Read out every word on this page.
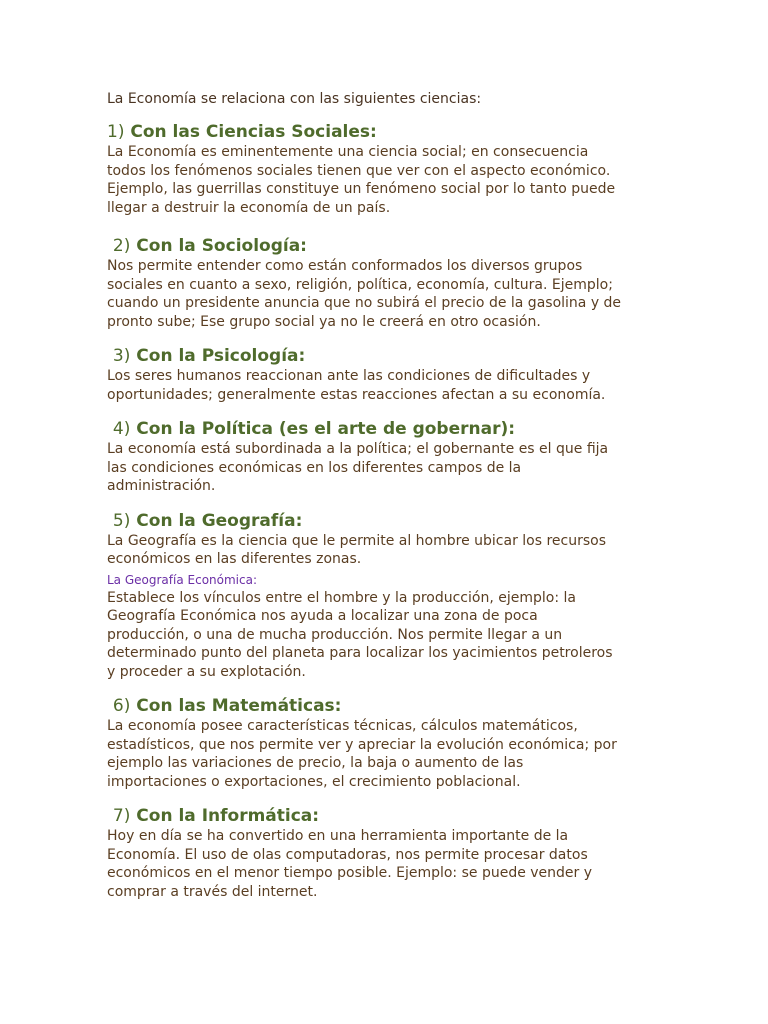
La Economía se relaciona con las siguientes ciencias:

1) Con las Ciencias Sociales:

La Economía es eminentemente una ciencia social; en consecuencia
todos los fenómenos sociales tienen que ver con el aspecto económico.
Ejemplo, las guerrillas constituye un fenómeno social por lo tanto puede
llegar a destruir la economía de un país.

2) Con la Sociología:

Nos permite entender como están conformados los diversos grupos
sociales en cuanto a sexo, religión, política, economía, cultura. Ejemplo;
cuando un presidente anuncia que no subirá el precio de la gasolina y de
pronto sube; Ese grupo social ya no le creerá en otro ocasión.

3) Con la Psicología:

Los seres humanos reaccionan ante las condiciones de dificultades y
oportunidades; generalmente estas reacciones afectan a su economía.

4) Con la Política (es el arte de gobernar):

La economía está subordinada a la política; el gobernante es el que fija
las condiciones económicas en los diferentes campos de la
administración.

5) Con la Geografía:

La Geografía es la ciencia que le permite al hombre ubicar los recursos
económicos en las diferentes zonas.

La Geografía Económica:

Establece los vínculos entre el hombre y la producción, ejemplo: la
Geografía Económica nos ayuda a localizar una zona de poca
producción, o una de mucha producción. Nos permite llegar a un
determinado punto del planeta para localizar los yacimientos petroleros
y proceder a su explotación.

6) Con las Matemáticas:

La economía posee características técnicas, cálculos matemáticos,
estadísticos, que nos permite ver y apreciar la evolución económica; por
ejemplo las variaciones de precio, la baja o aumento de las
importaciones o exportaciones, el crecimiento poblacional.

7) Con la Informática:

Hoy en día se ha convertido en una herramienta importante de la
Economía. El uso de olas computadoras, nos permite procesar datos
económicos en el menor tiempo posible. Ejemplo: se puede vender y
comprar a través del internet.
